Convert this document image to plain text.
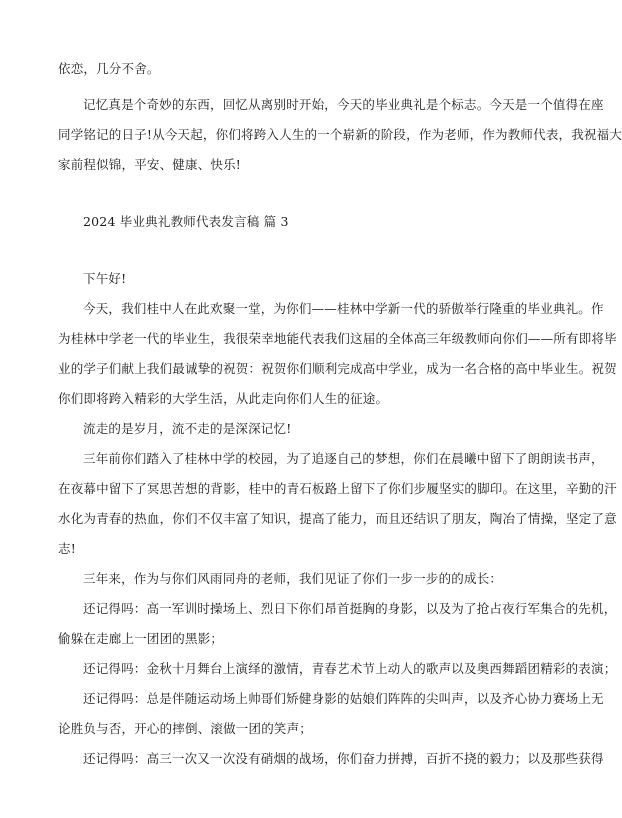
依恋，几分不舍。

记忆真是个奇妙的东西，回忆从离别时开始，今天的毕业典礼是个标志。今天是一个值得在座

同学铭记的日子!从今天起，你们将跨入人生的一个崭新的阶段，作为老师，作为教师代表，我祝福大

家前程似锦，平安、健康、快乐!

2024 毕业典礼教师代表发言稿 篇 3

下午好!

今天，我们桂中人在此欢聚一堂，为你们——桂林中学新一代的骄傲举行隆重的毕业典礼。作

为桂林中学老一代的毕业生，我很荣幸地能代表我们这届的全体高三年级教师向你们——所有即将毕

业的学子们献上我们最诚挚的祝贺：祝贺你们顺利完成高中学业，成为一名合格的高中毕业生。祝贺

你们即将跨入精彩的大学生活，从此走向你们人生的征途。

流走的是岁月，流不走的是深深记忆!

三年前你们踏入了桂林中学的校园，为了追逐自己的梦想，你们在晨曦中留下了朗朗读书声，

在夜幕中留下了冥思苦想的背影，桂中的青石板路上留下了你们步履坚实的脚印。在这里，辛勤的汗

水化为青春的热血，你们不仅丰富了知识，提高了能力，而且还结识了朋友，陶冶了情操，坚定了意

志!

三年来，作为与你们风雨同舟的老师，我们见证了你们一步一步的的成长：

还记得吗：高一军训时操场上、烈日下你们昂首挺胸的身影，以及为了抢占夜行军集合的先机，

偷躲在走廊上一团团的黑影；

还记得吗：金秋十月舞台上演绎的激情，青春艺术节上动人的歌声以及奥西舞蹈团精彩的表演；

还记得吗：总是伴随运动场上帅哥们矫健身影的姑娘们阵阵的尖叫声，以及齐心协力赛场上无

论胜负与否，开心的摔倒、滚做一团的笑声；

还记得吗：高三一次又一次没有硝烟的战场，你们奋力拼搏，百折不挠的毅力；以及那些获得
